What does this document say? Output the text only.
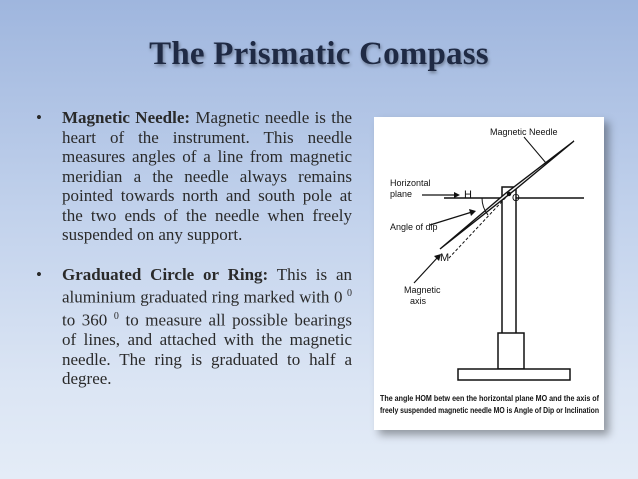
The Prismatic Compass
• Magnetic Needle: Magnetic needle is the heart of the instrument. This needle measures angles of a line from magnetic meridian a the needle always remains pointed towards north and south pole at the two ends of the needle when freely suspended on any support.
• Graduated Circle or Ring: This is an aluminium graduated ring marked with 0 $^0$ to 360 $^0$ to measure all possible bearings of lines, and attached with the magnetic needle. The ring is graduated to half a degree.
Magnetic Needle
Horizontal
plane	H	O
Angle of dip
M
Magnetic
axis
The angle HOM betw een the horizontal plane MO and the axis of
freely suspended magnetic needle MO is Angle of Dip or Inclination
